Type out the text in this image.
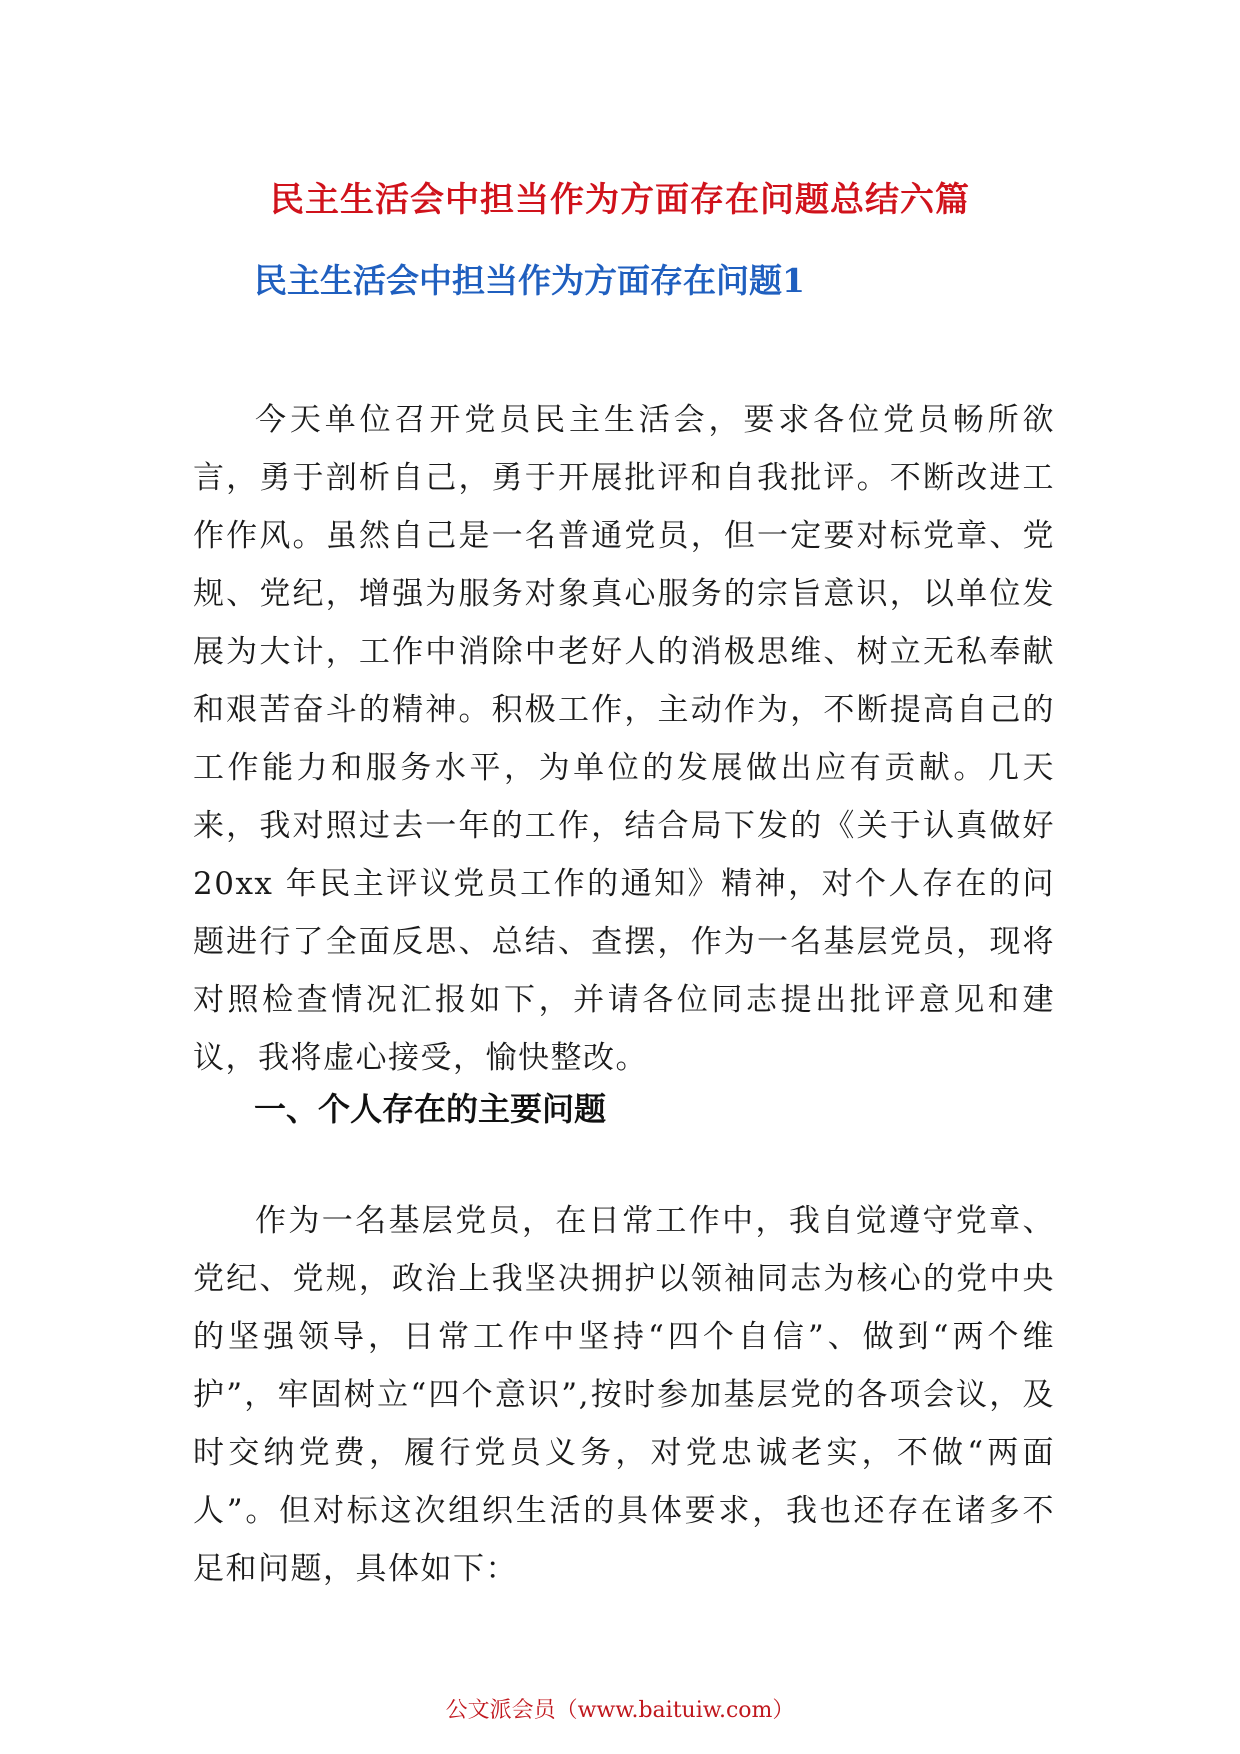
民主生活会中担当作为方面存在问题总结六篇
民主生活会中担当作为方面存在问题1
今天单位召开党员民主生活会，要求各位党员畅所欲言，勇于剖析自己，勇于开展批评和自我批评。不断改进工作作风。虽然自己是一名普通党员，但一定要对标党章、党规、党纪，增强为服务对象真心服务的宗旨意识，以单位发展为大计，工作中消除中老好人的消极思维、树立无私奉献和艰苦奋斗的精神。积极工作，主动作为，不断提高自己的工作能力和服务水平，为单位的发展做出应有贡献。几天来，我对照过去一年的工作，结合局下发的《关于认真做好20xx 年民主评议党员工作的通知》精神，对个人存在的问题进行了全面反思、总结、查摆，作为一名基层党员，现将对照检查情况汇报如下，并请各位同志提出批评意见和建议，我将虚心接受，愉快整改。
一、个人存在的主要问题
作为一名基层党员，在日常工作中，我自觉遵守党章、党纪、党规，政治上我坚决拥护以领袖同志为核心的党中央的坚强领导，日常工作中坚持“四个自信”、做到“两个维护”，牢固树立“四个意识”,按时参加基层党的各项会议，及时交纳党费，履行党员义务，对党忠诚老实，不做“两面人”。但对标这次组织生活的具体要求，我也还存在诸多不足和问题，具体如下：
公文派会员（www.baituiw.com）
